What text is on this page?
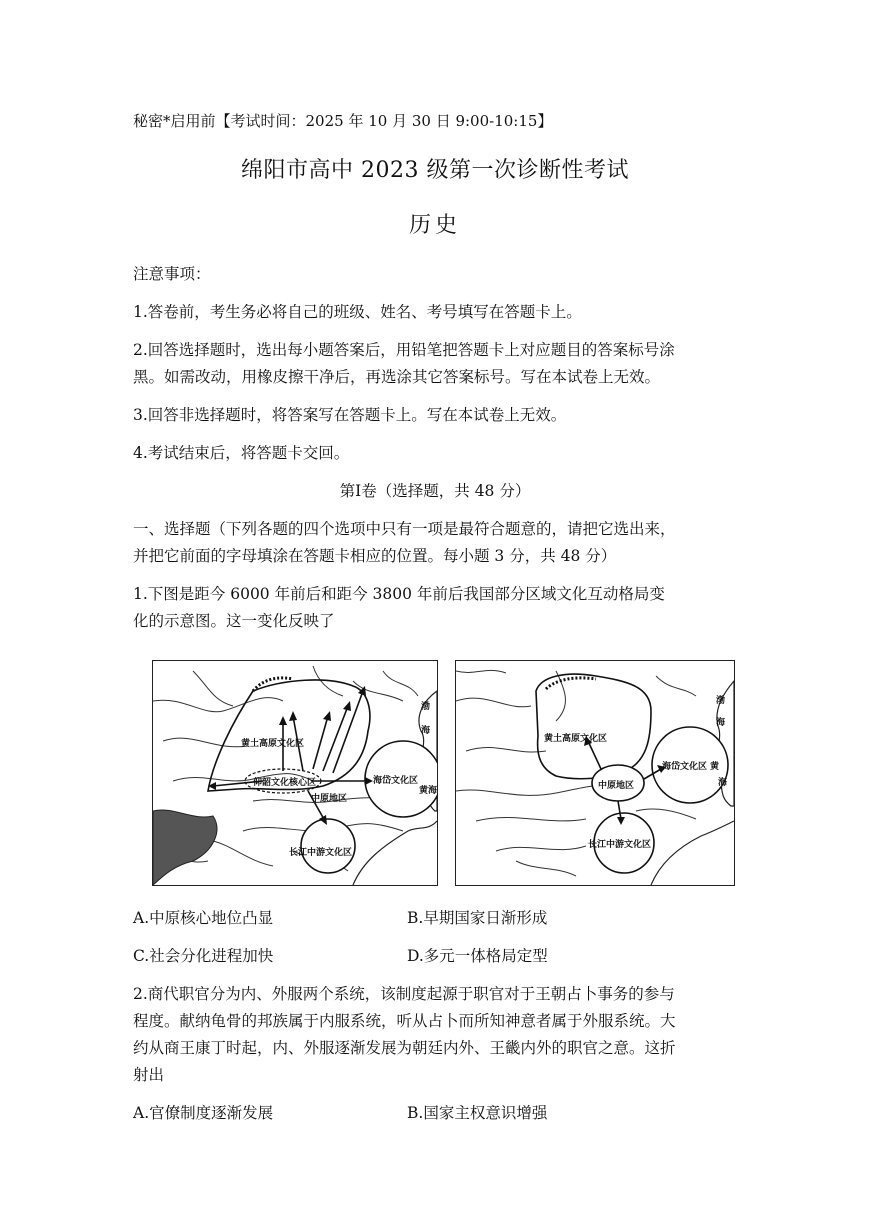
秘密*启用前【考试时间：2025 年 10 月 30 日 9:00-10:15】
绵阳市高中 2023 级第一次诊断性考试
历史
注意事项：
1.答卷前，考生务必将自己的班级、姓名、考号填写在答题卡上。
2.回答选择题时，选出每小题答案后，用铅笔把答题卡上对应题目的答案标号涂
黑。如需改动，用橡皮擦干净后，再选涂其它答案标号。写在本试卷上无效。
3.回答非选择题时，将答案写在答题卡上。写在本试卷上无效。
4.考试结束后，将答题卡交回。
第Ⅰ卷（选择题，共 48 分）
一、选择题（下列各题的四个选项中只有一项是最符合题意的，请把它选出来，
并把它前面的字母填涂在答题卡相应的位置。每小题 3 分，共 48 分）
1.下图是距今 6000 年前后和距今 3800 年前后我国部分区域文化互动格局变
化的示意图。这一变化反映了
黄土高原文化区
仰韶文化核心区
中原地区
海岱文化区
长江中游文化区
渤
海
黄海
黄土高原文化区
中原地区
海岱文化区
长江中游文化区
渤
海
黄
海
A.中原核心地位凸显	B.早期国家日渐形成
C.社会分化进程加快	D.多元一体格局定型
2.商代职官分为内、外服两个系统，该制度起源于职官对于王朝占卜事务的参与
程度。献纳龟骨的邦族属于内服系统，听从占卜而所知神意者属于外服系统。大
约从商王康丁时起，内、外服逐渐发展为朝廷内外、王畿内外的职官之意。这折
射出
A.官僚制度逐渐发展	B.国家主权意识增强
